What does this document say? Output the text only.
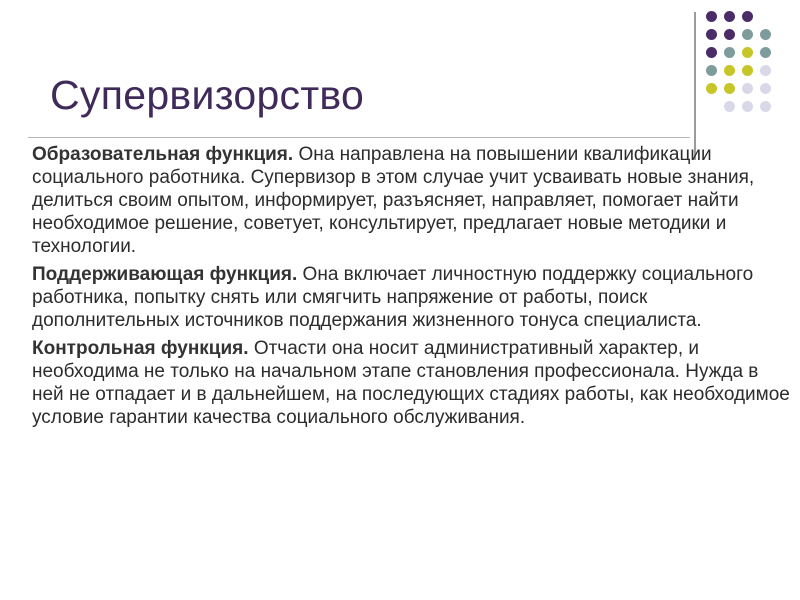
Супервизорство

Образовательная функция. Она направлена на повышении квалификации социального работника. Супервизор в этом случае учит усваивать новые знания, делиться своим опытом, информирует, разъясняет, направляет, помогает найти необходимое решение, советует, консультирует, предлагает новые методики и технологии.

Поддерживающая функция. Она включает личностную поддержку социального работника, попытку снять или смягчить напряжение от работы, поиск дополнительных источников поддержания жизненного тонуса специалиста.

Контрольная функция. Отчасти она носит административный характер, и необходима не только на начальном этапе становления профессионала. Нужда в ней не отпадает и в дальнейшем, на последующих стадиях работы, как необходимое условие гарантии качества социального обслуживания.
